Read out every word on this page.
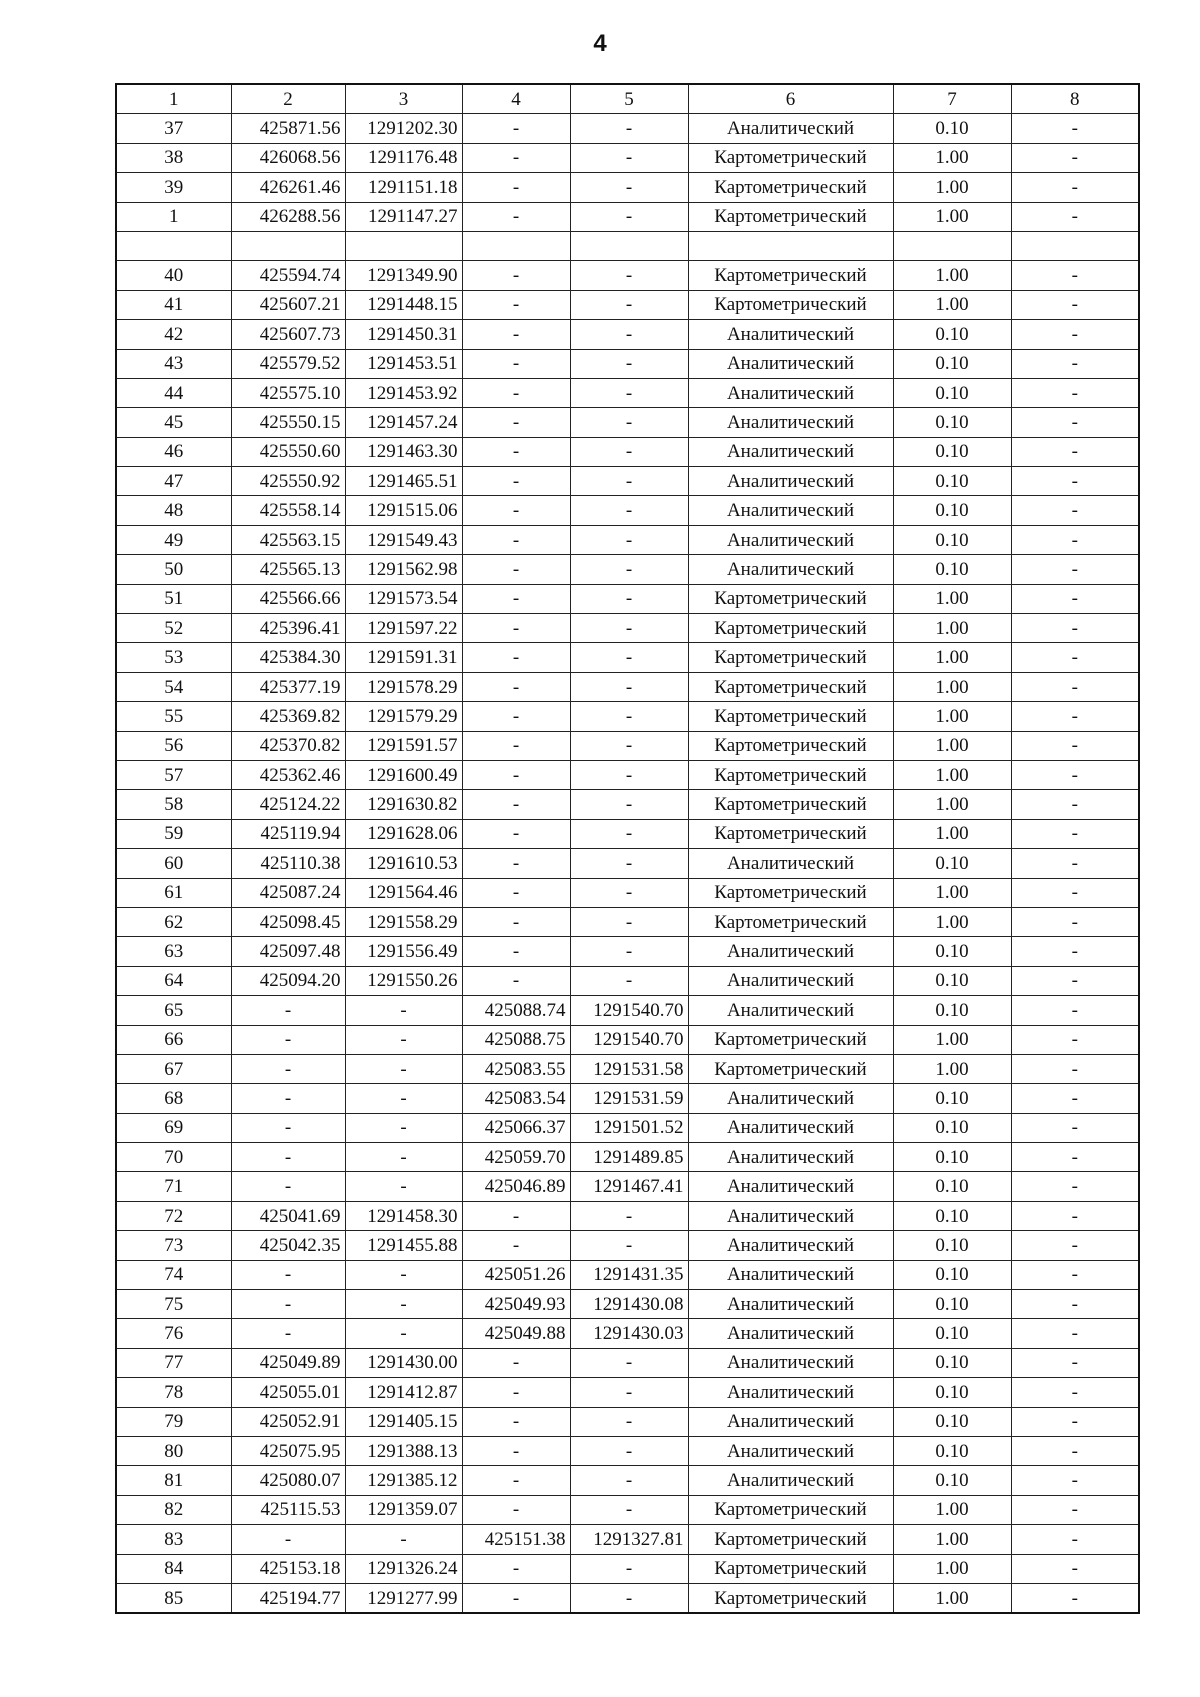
4
1	2	3	4	5	6	7	8
37	425871.56	1291202.30	-	-	Аналитический	0.10	-
38	426068.56	1291176.48	-	-	Картометрический	1.00	-
39	426261.46	1291151.18	-	-	Картометрический	1.00	-
1	426288.56	1291147.27	-	-	Картометрический	1.00	-

40	425594.74	1291349.90	-	-	Картометрический	1.00	-
41	425607.21	1291448.15	-	-	Картометрический	1.00	-
42	425607.73	1291450.31	-	-	Аналитический	0.10	-
43	425579.52	1291453.51	-	-	Аналитический	0.10	-
44	425575.10	1291453.92	-	-	Аналитический	0.10	-
45	425550.15	1291457.24	-	-	Аналитический	0.10	-
46	425550.60	1291463.30	-	-	Аналитический	0.10	-
47	425550.92	1291465.51	-	-	Аналитический	0.10	-
48	425558.14	1291515.06	-	-	Аналитический	0.10	-
49	425563.15	1291549.43	-	-	Аналитический	0.10	-
50	425565.13	1291562.98	-	-	Аналитический	0.10	-
51	425566.66	1291573.54	-	-	Картометрический	1.00	-
52	425396.41	1291597.22	-	-	Картометрический	1.00	-
53	425384.30	1291591.31	-	-	Картометрический	1.00	-
54	425377.19	1291578.29	-	-	Картометрический	1.00	-
55	425369.82	1291579.29	-	-	Картометрический	1.00	-
56	425370.82	1291591.57	-	-	Картометрический	1.00	-
57	425362.46	1291600.49	-	-	Картометрический	1.00	-
58	425124.22	1291630.82	-	-	Картометрический	1.00	-
59	425119.94	1291628.06	-	-	Картометрический	1.00	-
60	425110.38	1291610.53	-	-	Аналитический	0.10	-
61	425087.24	1291564.46	-	-	Картометрический	1.00	-
62	425098.45	1291558.29	-	-	Картометрический	1.00	-
63	425097.48	1291556.49	-	-	Аналитический	0.10	-
64	425094.20	1291550.26	-	-	Аналитический	0.10	-
65	-	-	425088.74	1291540.70	Аналитический	0.10	-
66	-	-	425088.75	1291540.70	Картометрический	1.00	-
67	-	-	425083.55	1291531.58	Картометрический	1.00	-
68	-	-	425083.54	1291531.59	Аналитический	0.10	-
69	-	-	425066.37	1291501.52	Аналитический	0.10	-
70	-	-	425059.70	1291489.85	Аналитический	0.10	-
71	-	-	425046.89	1291467.41	Аналитический	0.10	-
72	425041.69	1291458.30	-	-	Аналитический	0.10	-
73	425042.35	1291455.88	-	-	Аналитический	0.10	-
74	-	-	425051.26	1291431.35	Аналитический	0.10	-
75	-	-	425049.93	1291430.08	Аналитический	0.10	-
76	-	-	425049.88	1291430.03	Аналитический	0.10	-
77	425049.89	1291430.00	-	-	Аналитический	0.10	-
78	425055.01	1291412.87	-	-	Аналитический	0.10	-
79	425052.91	1291405.15	-	-	Аналитический	0.10	-
80	425075.95	1291388.13	-	-	Аналитический	0.10	-
81	425080.07	1291385.12	-	-	Аналитический	0.10	-
82	425115.53	1291359.07	-	-	Картометрический	1.00	-
83	-	-	425151.38	1291327.81	Картометрический	1.00	-
84	425153.18	1291326.24	-	-	Картометрический	1.00	-
85	425194.77	1291277.99	-	-	Картометрический	1.00	-
